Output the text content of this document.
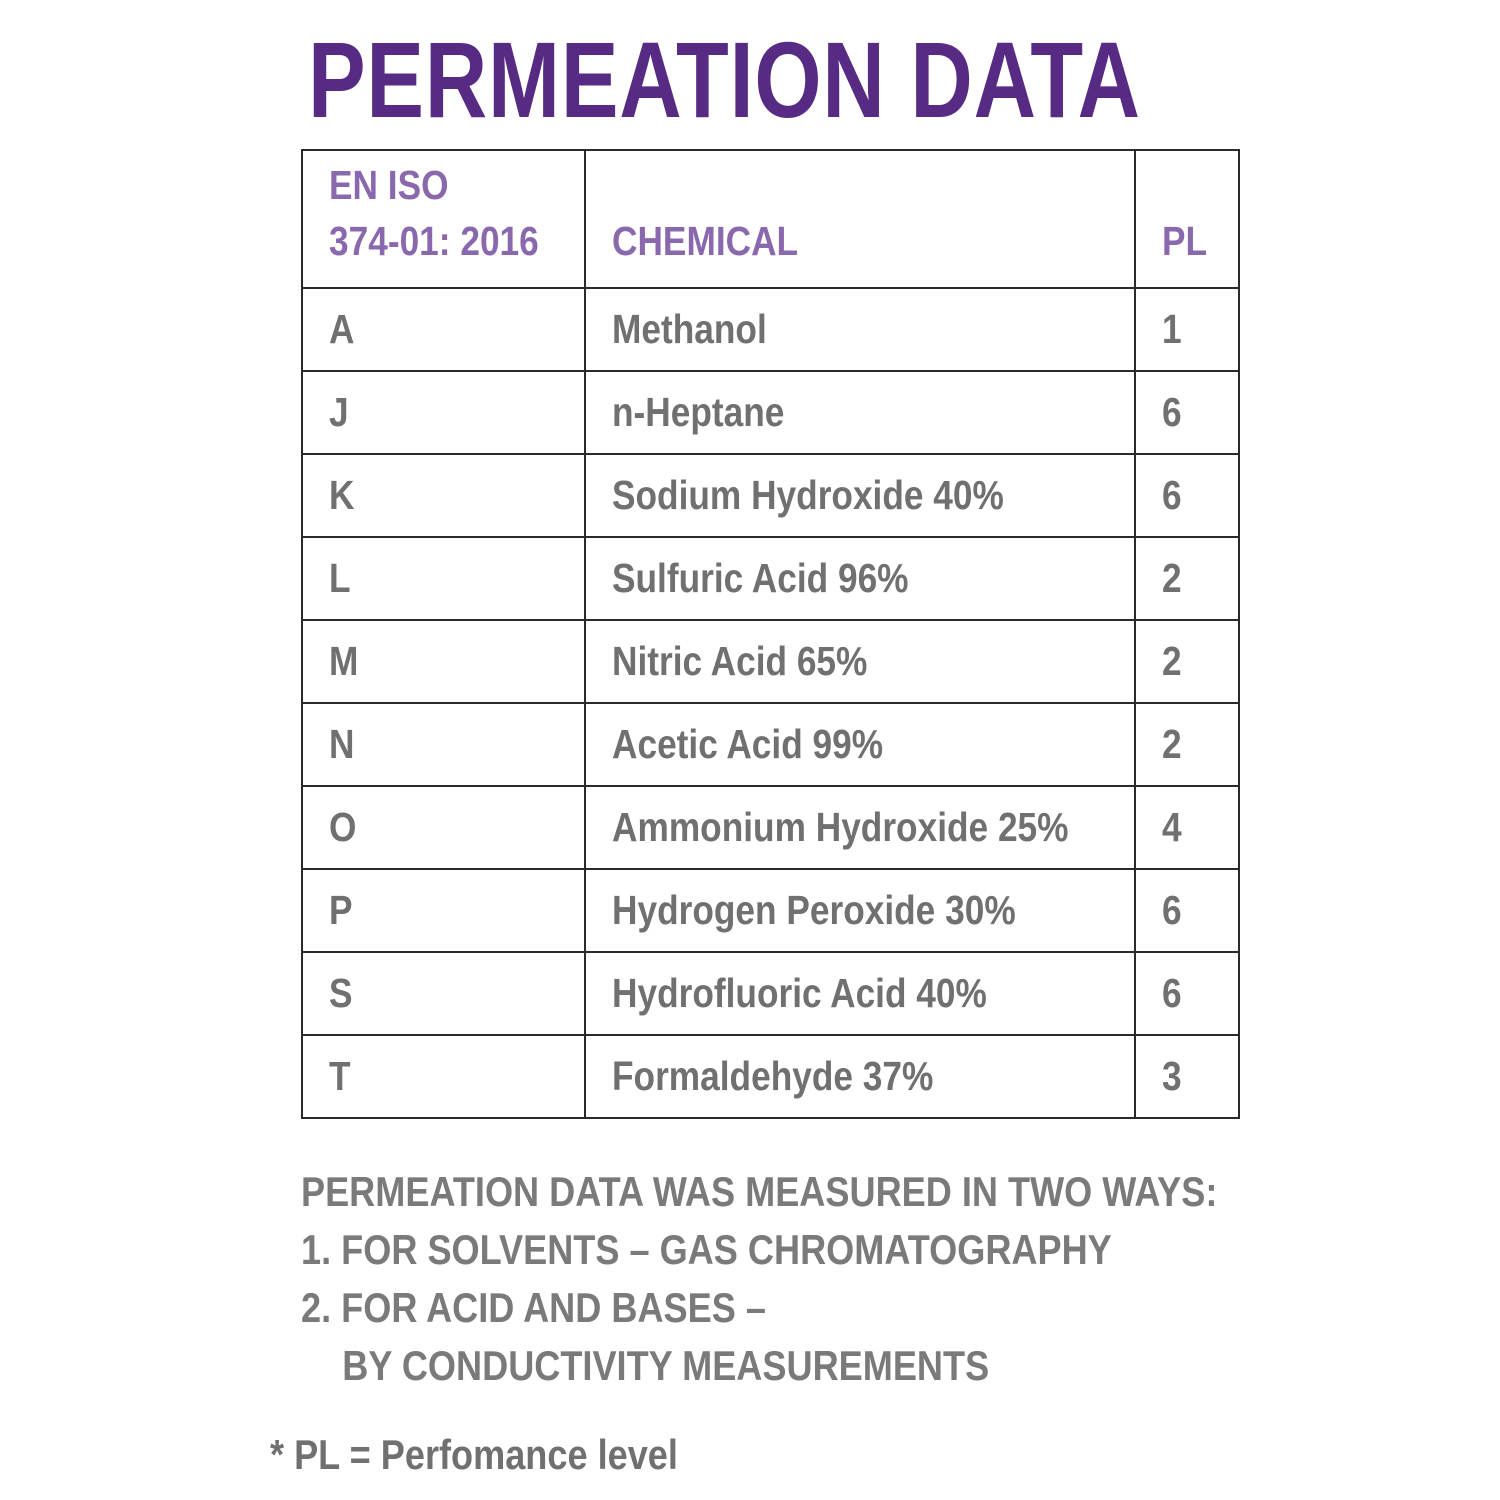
PERMEATION DATA
EN ISO
374-01: 2016	CHEMICAL	PL

A	Methanol	1
J	n-Heptane	6
K	Sodium Hydroxide 40%	6
L	Sulfuric Acid 96%	2
M	Nitric Acid 65%	2
N	Acetic Acid 99%	2
O	Ammonium Hydroxide 25%	4
P	Hydrogen Peroxide 30%	6
S	Hydrofluoric Acid 40%	6
T	Formaldehyde 37%	3
PERMEATION DATA WAS MEASURED IN TWO WAYS:
1. FOR SOLVENTS – GAS CHROMATOGRAPHY
2. FOR ACID AND BASES –
BY CONDUCTIVITY MEASUREMENTS
* PL = Perfomance level
